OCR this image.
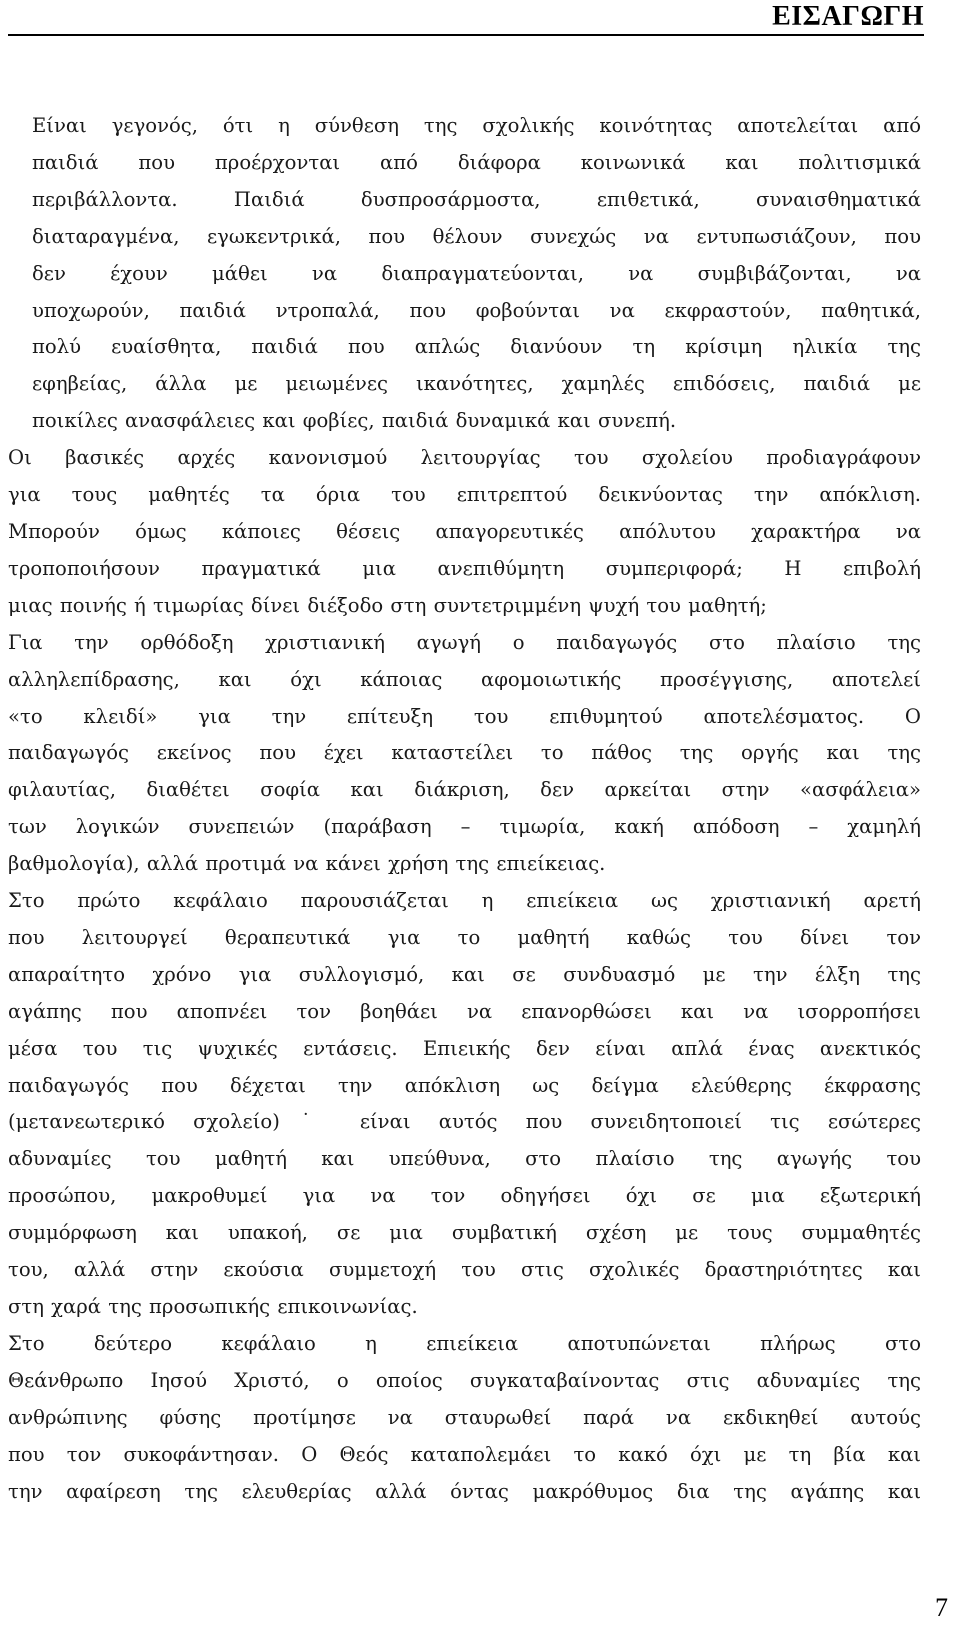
ΕΙΣΑΓΩΓΗ

Είναι γεγονός, ότι η σύνθεση της σχολικής κοινότητας αποτελείται από
παιδιά που προέρχονται από διάφορα κοινωνικά και πολιτισμικά
περιβάλλοντα. Παιδιά δυσπροσάρμοστα, επιθετικά, συναισθηματικά
διαταραγμένα, εγωκεντρικά, που θέλουν συνεχώς να εντυπωσιάζουν, που
δεν έχουν μάθει να διαπραγματεύονται, να συμβιβάζονται, να
υποχωρούν, παιδιά ντροπαλά, που φοβούνται να εκφραστούν, παθητικά,
πολύ ευαίσθητα, παιδιά που απλώς διανύουν τη κρίσιμη ηλικία της
εφηβείας, άλλα με μειωμένες ικανότητες, χαμηλές επιδόσεις, παιδιά με
ποικίλες ανασφάλειες και φοβίες, παιδιά δυναμικά και συνεπή.

Οι βασικές αρχές κανονισμού λειτουργίας του σχολείου προδιαγράφουν
για τους μαθητές τα όρια του επιτρεπτού δεικνύοντας την απόκλιση.
Μπορούν όμως κάποιες θέσεις απαγορευτικές απόλυτου χαρακτήρα να
τροποποιήσουν πραγματικά μια ανεπιθύμητη συμπεριφορά; Η επιβολή
μιας ποινής ή τιμωρίας δίνει διέξοδο στη συντετριμμένη ψυχή του μαθητή;

Για την ορθόδοξη χριστιανική αγωγή ο παιδαγωγός στο πλαίσιο της
αλληλεπίδρασης, και όχι κάποιας αφομοιωτικής προσέγγισης, αποτελεί
«το κλειδί» για την επίτευξη του επιθυμητού αποτελέσματος. Ο
παιδαγωγός εκείνος που έχει καταστείλει το πάθος της οργής και της
φιλαυτίας, διαθέτει σοφία και διάκριση, δεν αρκείται στην «ασφάλεια»
των λογικών συνεπειών (παράβαση – τιμωρία, κακή απόδοση – χαμηλή
βαθμολογία), αλλά προτιμά να κάνει χρήση της επιείκειας.

Στο πρώτο κεφάλαιο παρουσιάζεται η επιείκεια ως χριστιανική αρετή
που λειτουργεί θεραπευτικά για το μαθητή καθώς του δίνει τον
απαραίτητο χρόνο για συλλογισμό, και σε συνδυασμό με την έλξη της
αγάπης που αποπνέει τον βοηθάει να επανορθώσει και να ισορροπήσει
μέσα του τις ψυχικές εντάσεις. Επιεικής δεν είναι απλά ένας ανεκτικός
παιδαγωγός που δέχεται την απόκλιση ως δείγμα ελεύθερης έκφρασης
(μετανεωτερικό σχολείο)˙ είναι αυτός που συνειδητοποιεί τις εσώτερες
αδυναμίες του μαθητή και υπεύθυνα, στο πλαίσιο της αγωγής του
προσώπου, μακροθυμεί για να τον οδηγήσει όχι σε μια εξωτερική
συμμόρφωση και υπακοή, σε μια συμβατική σχέση με τους συμμαθητές
του, αλλά στην εκούσια συμμετοχή του στις σχολικές δραστηριότητες και
στη χαρά της προσωπικής επικοινωνίας.

Στο δεύτερο κεφάλαιο η επιείκεια αποτυπώνεται πλήρως στο
Θεάνθρωπο Ιησού Χριστό, ο οποίος συγκαταβαίνοντας στις αδυναμίες της
ανθρώπινης φύσης προτίμησε να σταυρωθεί παρά να εκδικηθεί αυτούς
που τον συκοφάντησαν. Ο Θεός καταπολεμάει το κακό όχι με τη βία και
την αφαίρεση της ελευθερίας αλλά όντας μακρόθυμος δια της αγάπης και

7
